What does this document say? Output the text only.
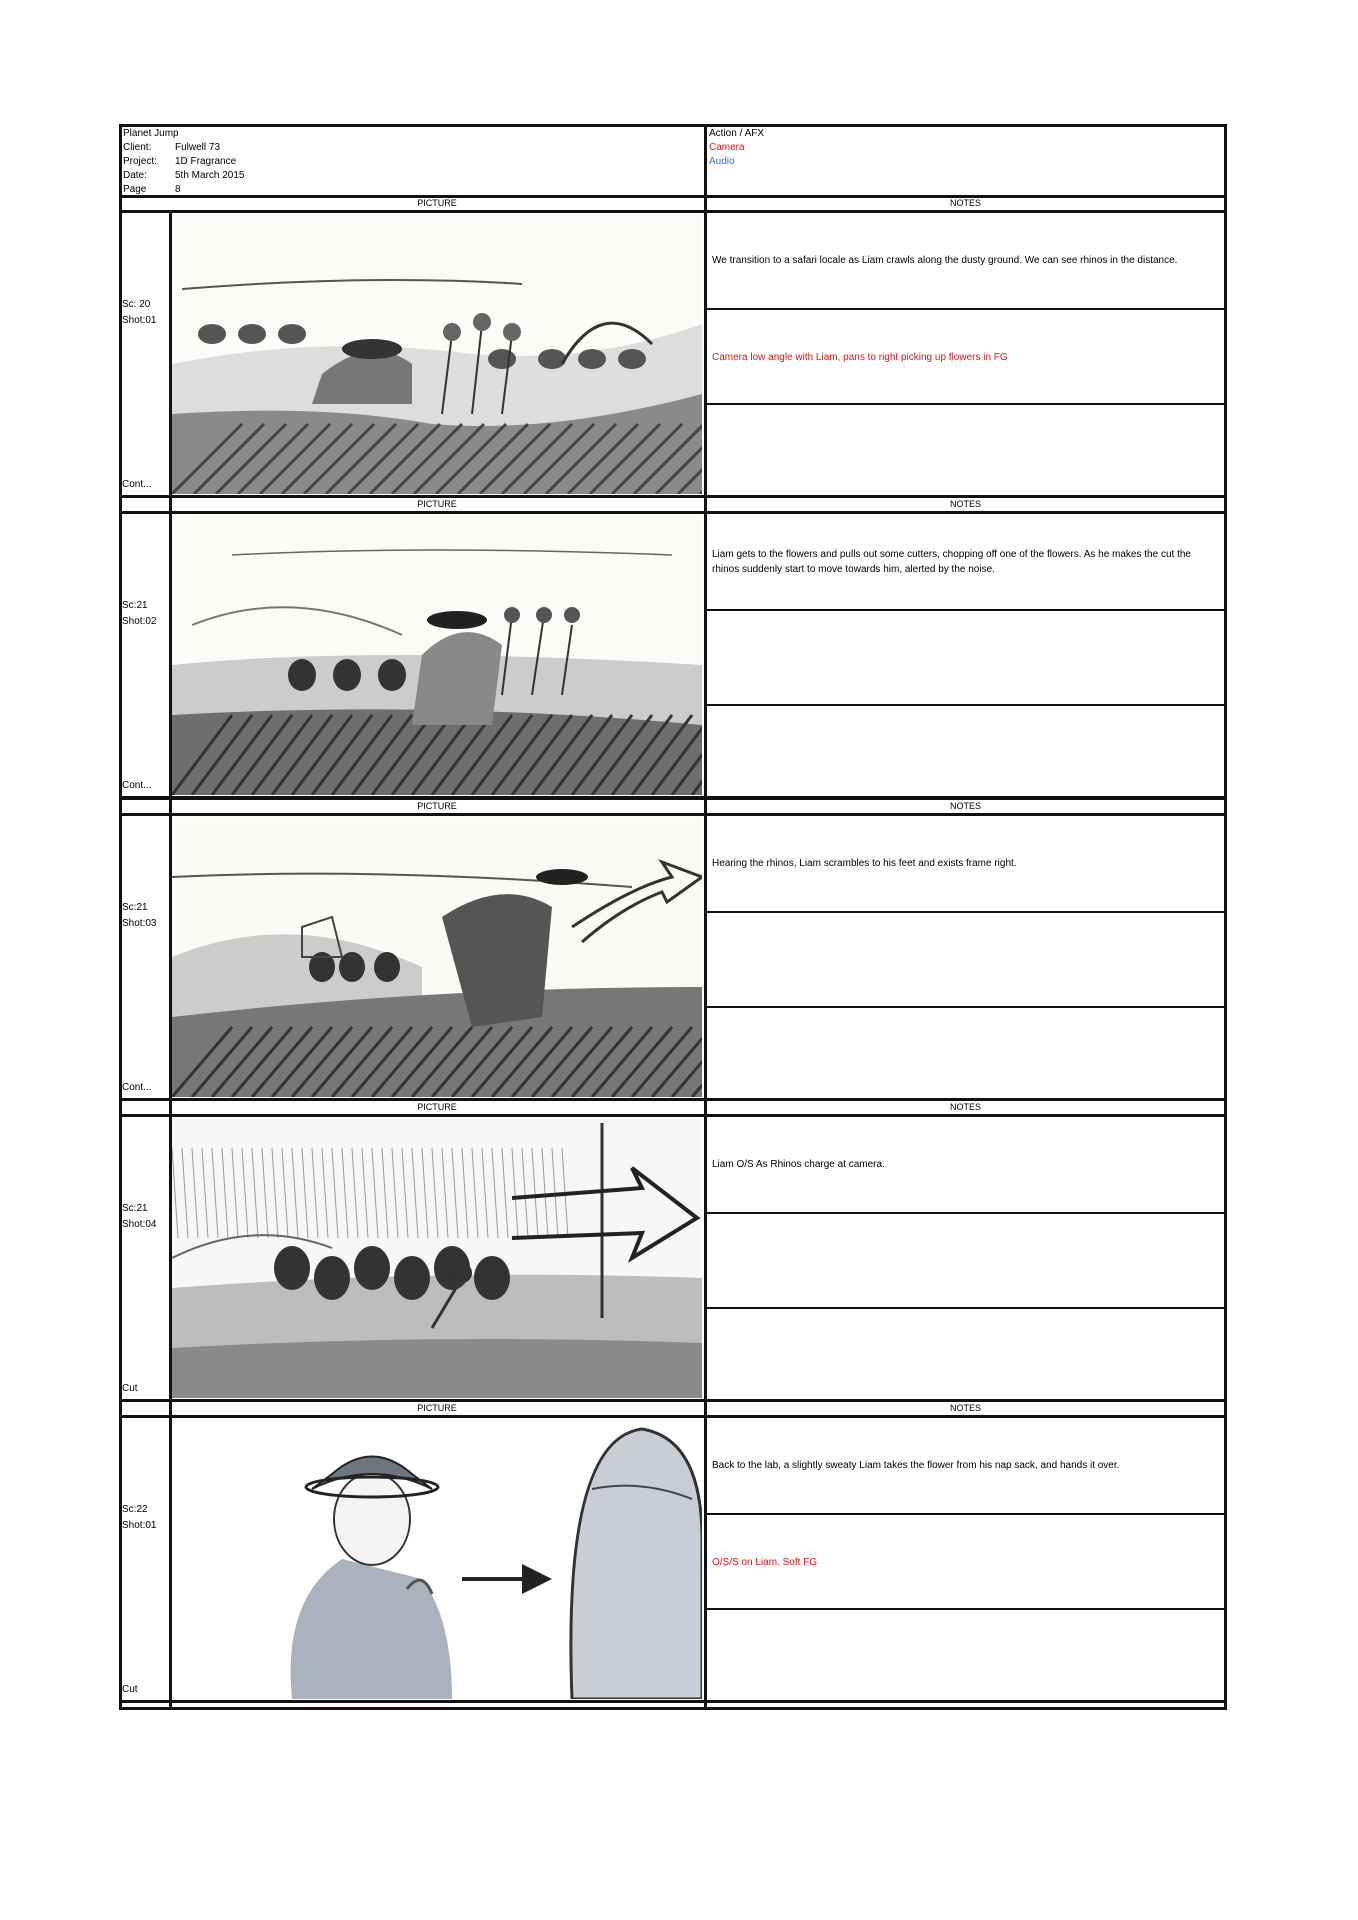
Planet Jump
Client: Fulwell 73
Project: 1D Fragrance
Date:	5th March 2015
Page	8
Action / AFX
Camera
Audio
PICTURE	NOTES
Sc: 20
Shot:01
Cont...
We transition to a safari locale as Liam crawls along the dusty ground. We can see rhinos in the distance.
Camera low angle with Liam, pans to right picking up flowers in FG
PICTURE	NOTES
Sc:21
Shot:02
Cont...
Liam gets to the flowers and pulls out some cutters, chopping off one of the flowers. As he makes the cut the rhinos suddenly start to move towards him, alerted by the noise.
PICTURE	NOTES
Sc:21
Shot:03
Cont...
Hearing the rhinos, Liam scrambles to his feet and exists frame right.
PICTURE	NOTES
Sc:21
Shot:04
Cut
Liam O/S As Rhinos charge at camera.
PICTURE	NOTES
Sc:22
Shot:01
Cut
Back to the lab, a slightly sweaty Liam takes the flower from his nap sack, and hands it over.
O/S/S on Liam. Soft FG
